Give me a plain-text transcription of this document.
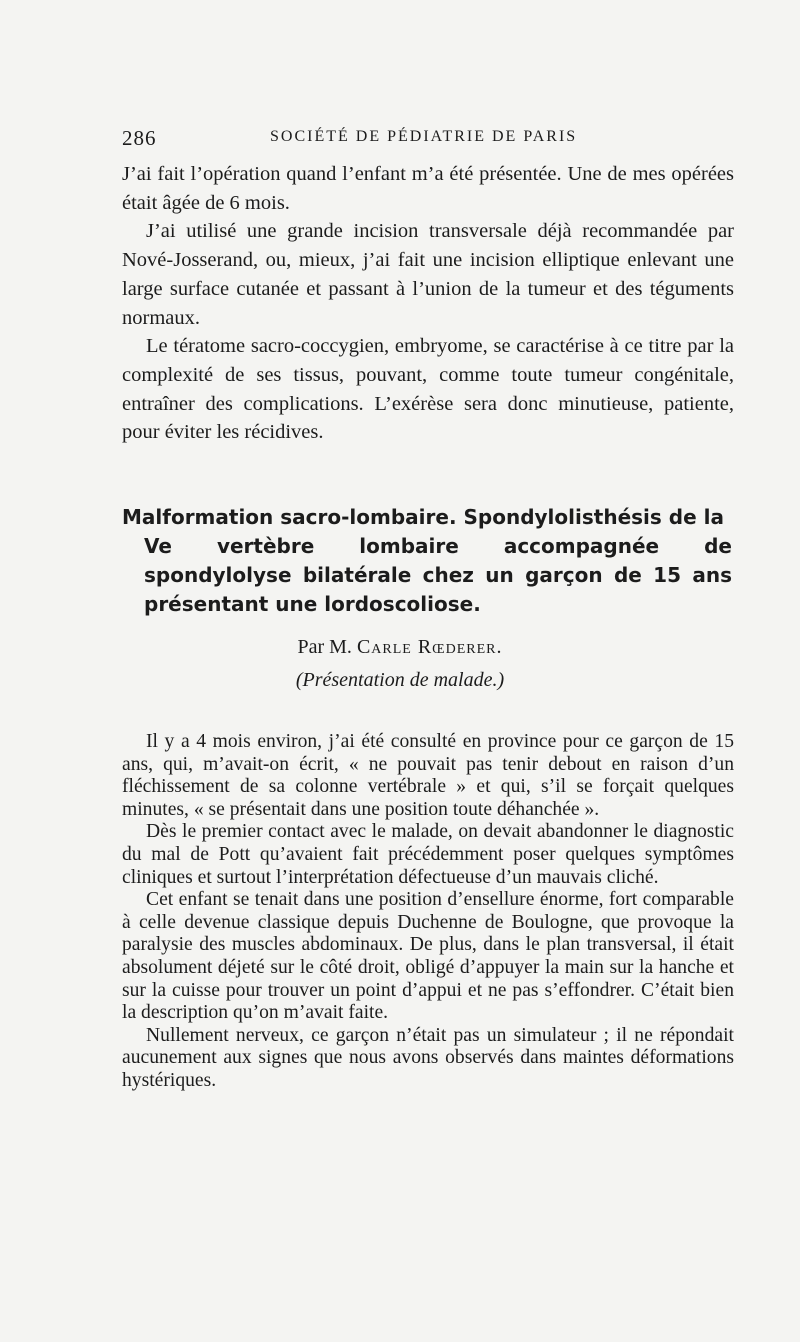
286	SOCIÉTÉ DE PÉDIATRIE DE PARIS

J’ai fait l’opération quand l’enfant m’a été présentée. Une de mes opérées était âgée de 6 mois.

J’ai utilisé une grande incision transversale déjà recommandée par Nové-Josserand, ou, mieux, j’ai fait une incision elliptique enlevant une large surface cutanée et passant à l’union de la tumeur et des téguments normaux.

Le tératome sacro-coccygien, embryome, se caractérise à ce titre par la complexité de ses tissus, pouvant, comme toute tumeur congénitale, entraîner des complications. L’exérèse sera donc minutieuse, patiente, pour éviter les récidives.

Malformation sacro-lombaire. Spondylolisthésis de la
Ve vertèbre lombaire accompagnée de spondylolyse bilatérale chez un garçon de 15 ans présentant une lordoscoliose.
Par M. Carle Rœderer.
(Présentation de malade.)

Il y a 4 mois environ, j’ai été consulté en province pour ce garçon de 15 ans, qui, m’avait-on écrit, « ne pouvait pas tenir debout en raison d’un fléchissement de sa colonne vertébrale » et qui, s’il se forçait quelques minutes, « se présentait dans une position toute déhanchée ».

Dès le premier contact avec le malade, on devait abandonner le diagnostic du mal de Pott qu’avaient fait précédemment poser quelques symptômes cliniques et surtout l’interprétation défectueuse d’un mauvais cliché.

Cet enfant se tenait dans une position d’ensellure énorme, fort comparable à celle devenue classique depuis Duchenne de Boulogne, que provoque la paralysie des muscles abdominaux. De plus, dans le plan transversal, il était absolument déjeté sur le côté droit, obligé d’appuyer la main sur la hanche et sur la cuisse pour trouver un point d’appui et ne pas s’effondrer. C’était bien la description qu’on m’avait faite.

Nullement nerveux, ce garçon n’était pas un simulateur ; il ne répondait aucunement aux signes que nous avons observés dans maintes déformations hystériques.
